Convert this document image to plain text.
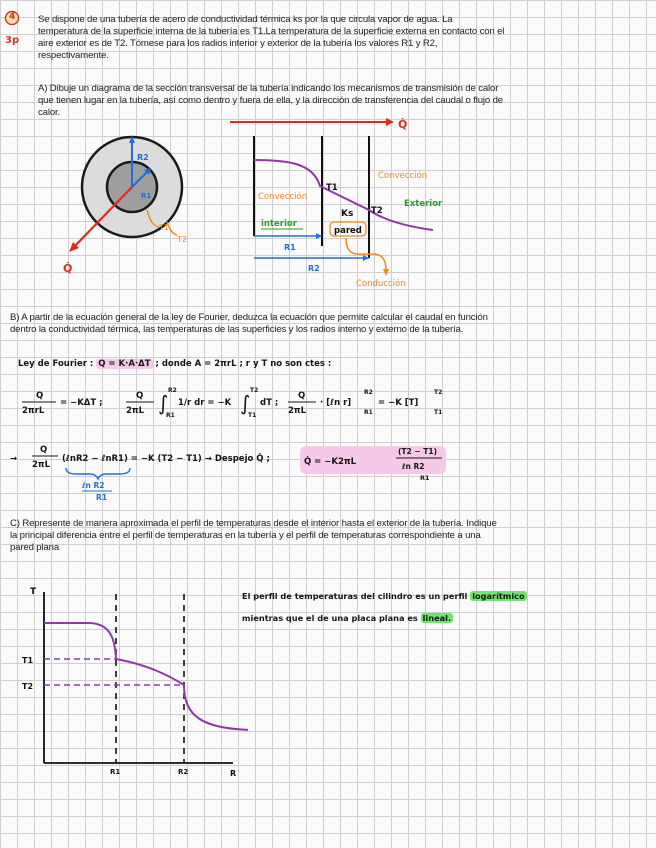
4
3p
Se dispone de una tubería de acero de conductividad térmica ks por la que circula vapor de agua. La
temperatura de la superficie interna de la tubería es T1.La temperatura de la superficie externa en contacto con el
aire exterior es de T2. Tómese para los radios interior y exterior de la tubería los valores R1 y R2,
respectivamente.
A) Dibuje un diagrama de la sección transversal de la tubería indicando los mecanismos de transmisión de calor
que tienen lugar en la tubería, así como dentro y fuera de ella, y la dirección de transferencia del caudal o flujo de
calor.
R2
R1
T1
T2
Q̇
Q̇
Convección
interior
Convección
Exterior
T1
T2
Ks
pared
R1
R2
Conducción
B) A partir de la ecuación general de la ley de Fourier, deduzca la ecuación que permite calcular el caudal en función
dentro la conductividad térmica, las temperaturas de las superficies y los radios interno y externo de la tubería.
Ley de Fourier : Q = K·A·ΔT ; donde A = 2πrL ; r y T no son ctes :
Q
2πrL
= −KΔT ;
Q
2πL ∫
R2
R1
1/r dr = −K ∫
T2
T1
dT ;
Q
2πL
· [ℓn r]
R2
R1
= −K [T]
T2
T1
→
Q
2πL
(ℓnR2 − ℓnR1) = −K (T2 − T1) → Despejo Q̇ ;
ℓn R2
R1
Q̇ = −K2πL
(T2 − T1)
ℓn R2
R1
C) Represente de manera aproximada el perfil de temperaturas desde el interior hasta el exterior de la tubería. Indique
la principal diferencia entre el perfil de temperaturas en la tubería y el perfil de temperaturas correspondiente a una
pared plana
El perfil de temperaturas del cilindro es un perfil logarítmico
mientras que el de una placa plana es lineal.
T
R
T1
T2
R1	R2
